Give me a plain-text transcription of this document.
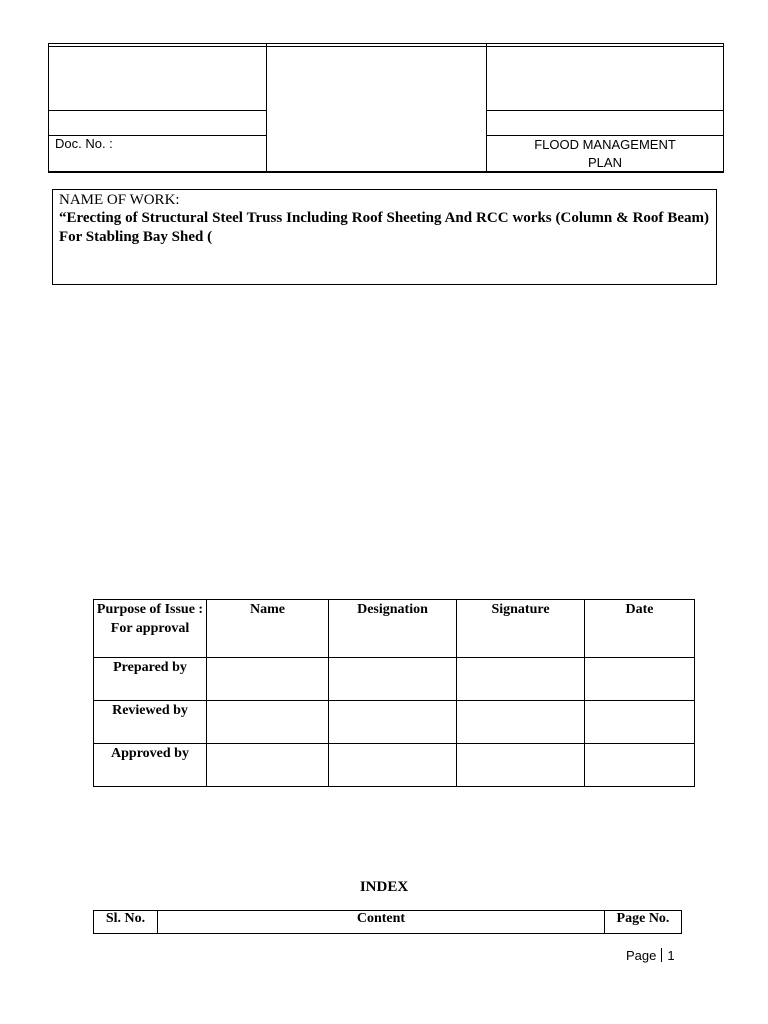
Doc. No. :	FLOOD MANAGEMENT
PLAN
NAME OF WORK:
“Erecting of Structural Steel Truss Including Roof Sheeting And RCC works (Column & Roof Beam) For Stabling Bay Shed (
Purpose of Issue : For approval	Name	Designation	Signature	Date
Prepared by				
Reviewed by				
Approved by				
INDEX
Sl. No.	Content	Page No.
Page 1
